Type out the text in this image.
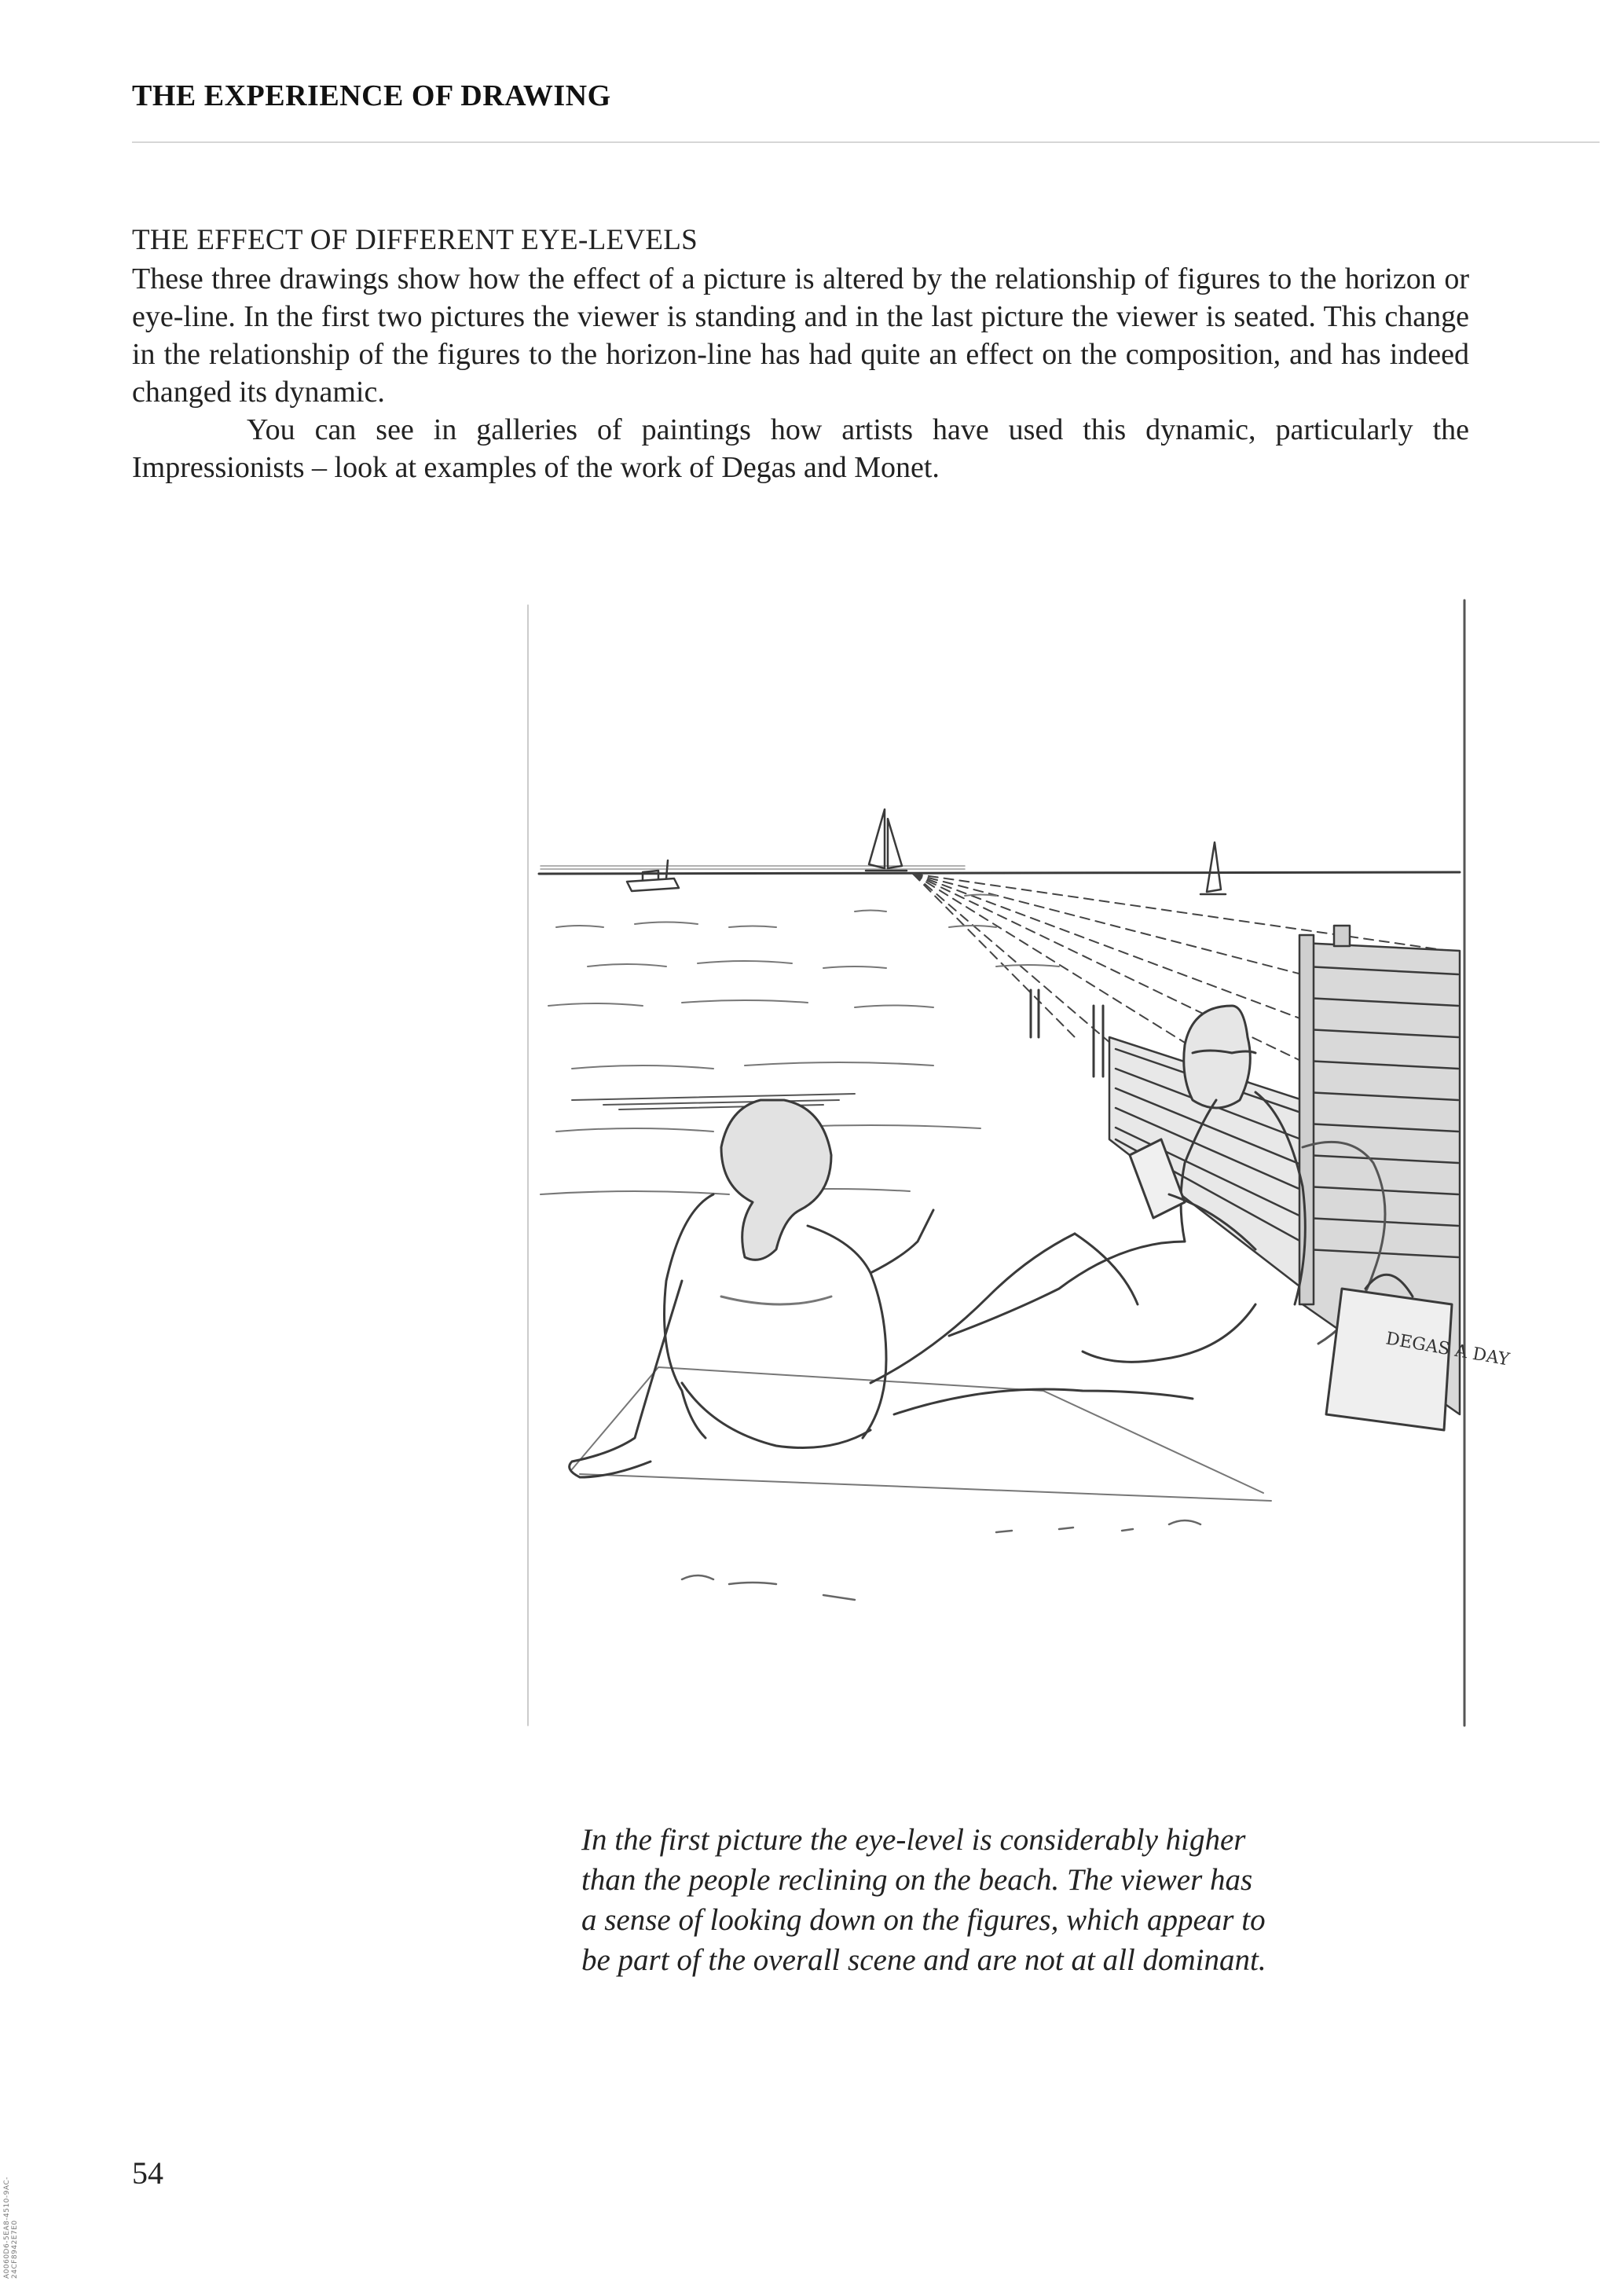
THE EXPERIENCE OF DRAWING
THE EFFECT OF DIFFERENT EYE-LEVELS

These three drawings show how the effect of a picture is altered by the relationship of figures to the horizon or eye-line. In the first two pictures the viewer is standing and in the last picture the viewer is seated. This change in the relationship of the figures to the horizon-line has had quite an effect on the composition, and has indeed changed its dynamic.

You can see in galleries of paintings how artists have used this dynamic, particularly the Impressionists – look at examples of the work of Degas and Monet.

DEGAS A DAY
In the first picture the eye-level is considerably higher than the people reclining on the beach. The viewer has a sense of looking down on the figures, which appear to be part of the overall scene and are not at all dominant.
54
A0060D6-5EA8-4510-9AC-24CF8942E7E0
